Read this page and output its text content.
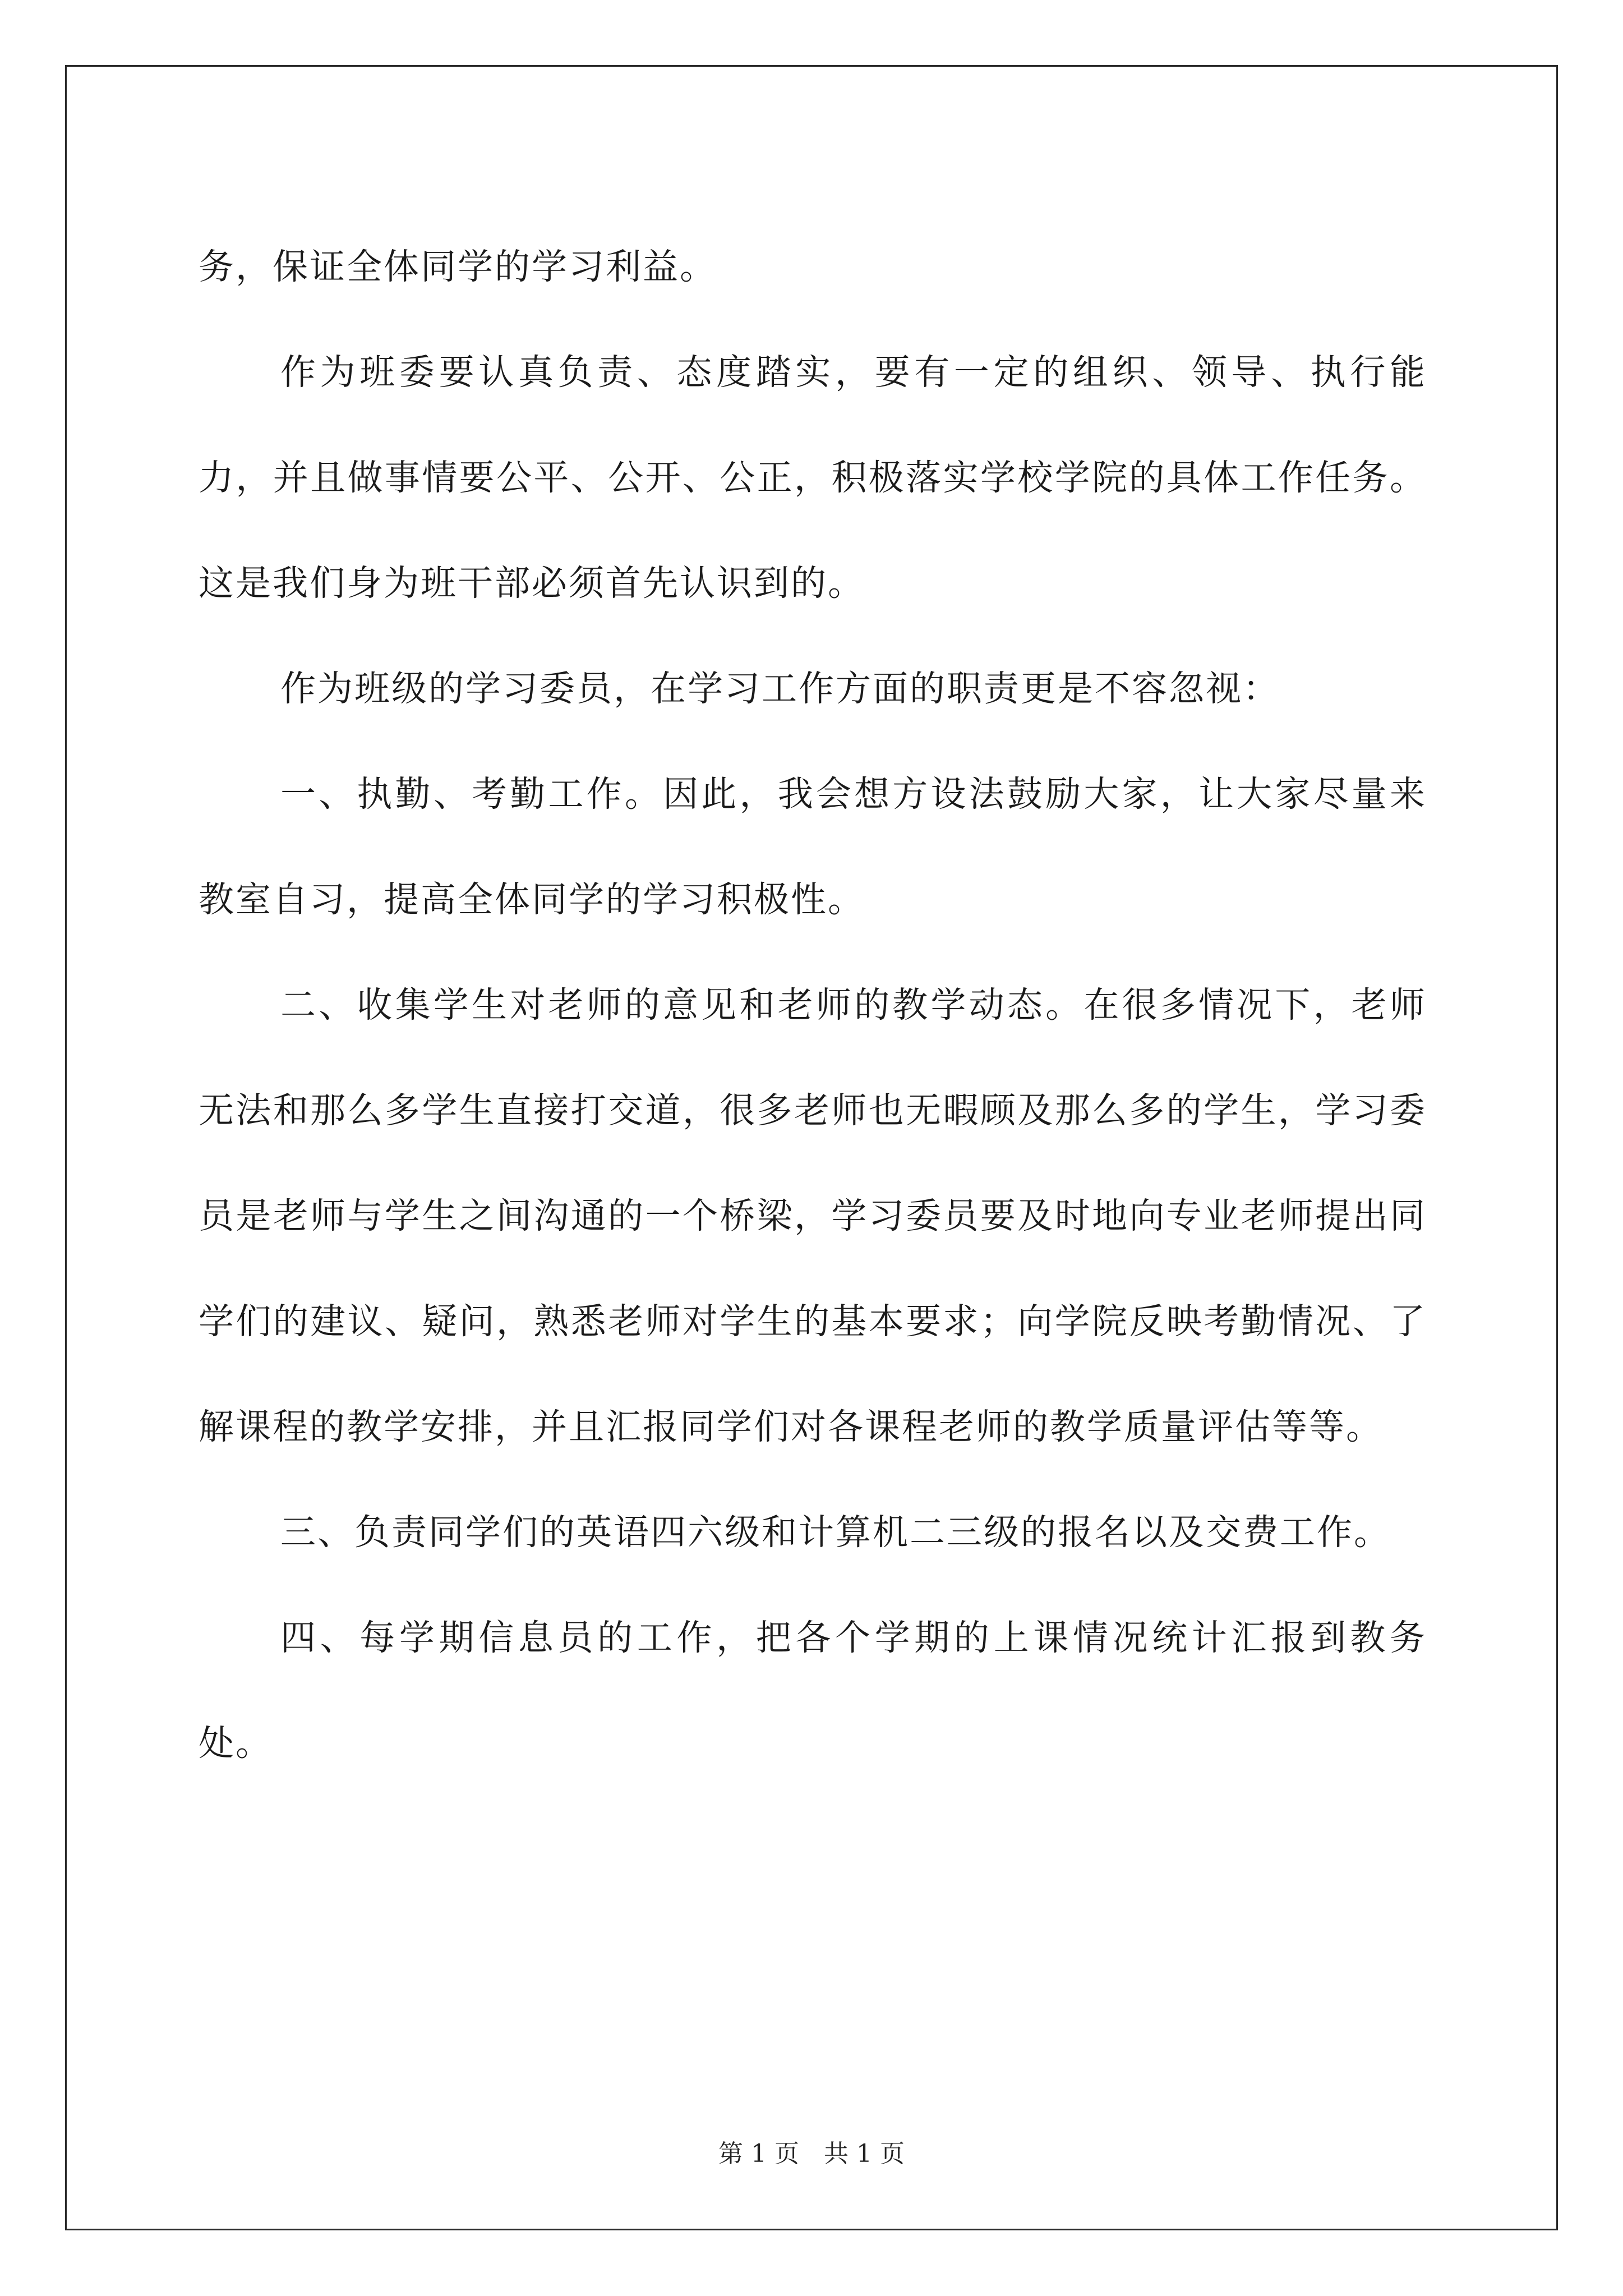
务，保证全体同学的学习利益。

作为班委要认真负责、态度踏实，要有一定的组织、领导、执行能力，并且做事情要公平、公开、公正，积极落实学校学院的具体工作任务。这是我们身为班干部必须首先认识到的。

作为班级的学习委员，在学习工作方面的职责更是不容忽视：

一、执勤、考勤工作。因此，我会想方设法鼓励大家，让大家尽量来教室自习，提高全体同学的学习积极性。

二、收集学生对老师的意见和老师的教学动态。在很多情况下，老师无法和那么多学生直接打交道，很多老师也无暇顾及那么多的学生，学习委员是老师与学生之间沟通的一个桥梁，学习委员要及时地向专业老师提出同学们的建议、疑问，熟悉老师对学生的基本要求；向学院反映考勤情况、了解课程的教学安排，并且汇报同学们对各课程老师的教学质量评估等等。

三、负责同学们的英语四六级和计算机二三级的报名以及交费工作。

四、每学期信息员的工作，把各个学期的上课情况统计汇报到教务处。

第 1 页　共 1 页
